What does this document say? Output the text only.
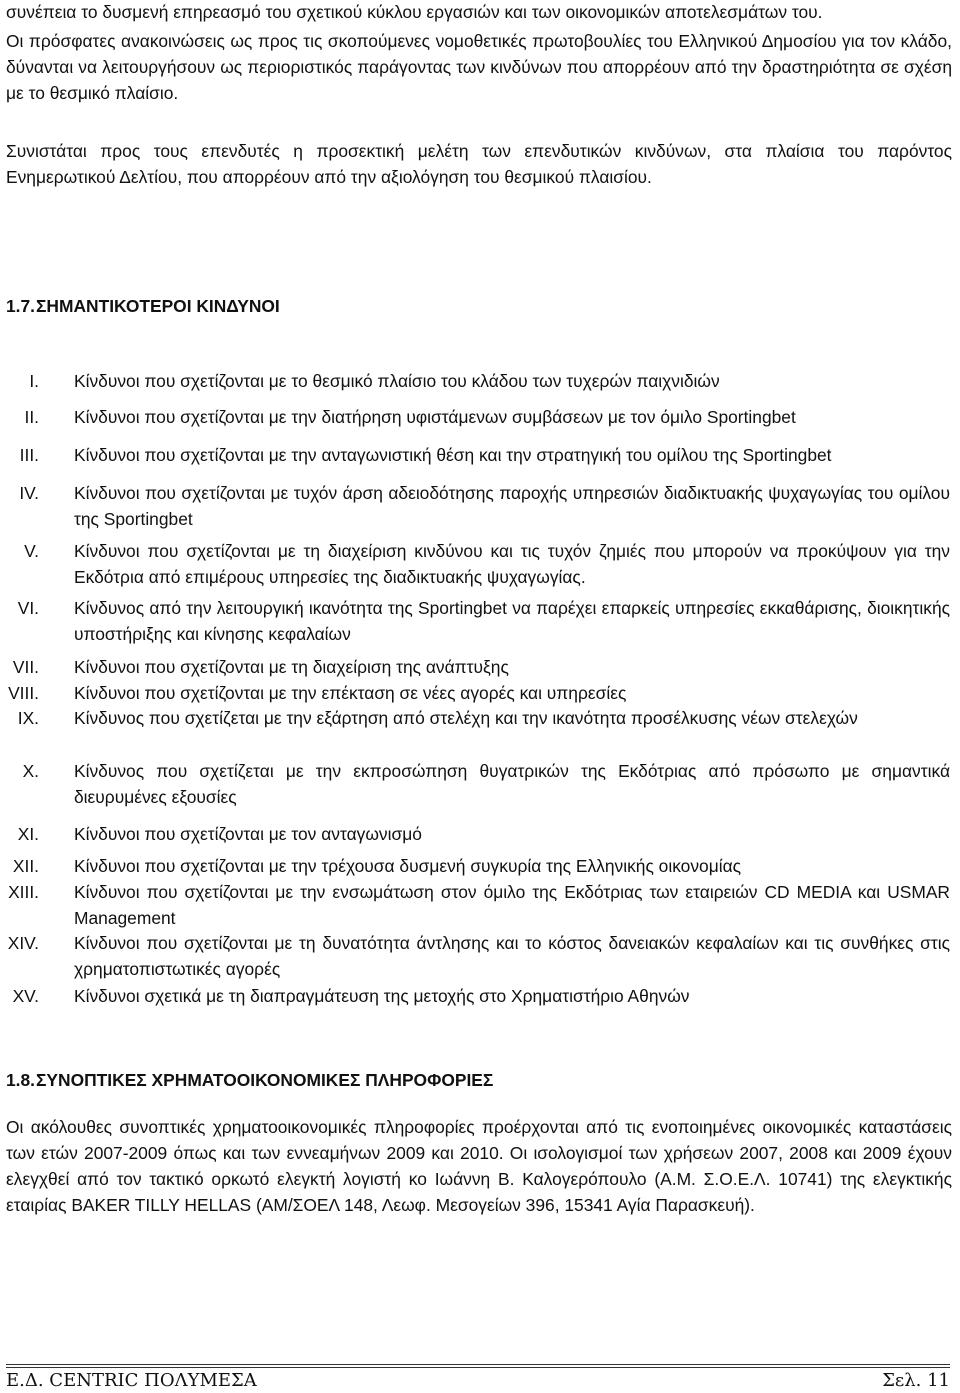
συνέπεια το δυσμενή επηρεασμό του σχετικού κύκλου εργασιών και των οικονομικών αποτελεσμάτων του.

Οι πρόσφατες ανακοινώσεις ως προς τις σκοπούμενες νομοθετικές πρωτοβουλίες του Ελληνικού Δημοσίου για τον κλάδο, δύνανται να λειτουργήσουν ως περιοριστικός παράγοντας των κινδύνων που απορρέουν από την δραστηριότητα σε σχέση με το θεσμικό πλαίσιο.

Συνιστάται προς τους επενδυτές η προσεκτική μελέτη των επενδυτικών κινδύνων, στα πλαίσια του παρόντος Ενημερωτικού Δελτίου, που απορρέουν από την αξιολόγηση του θεσμικού πλαισίου.

1.7.ΣΗΜΑΝΤΙΚΟΤΕΡΟΙ ΚΙΝΔΥΝΟΙ
I. Κίνδυνοι που σχετίζονται με το θεσμικό πλαίσιο του κλάδου των τυχερών παιχνιδιών
II. Κίνδυνοι που σχετίζονται με την διατήρηση υφιστάμενων συμβάσεων με τον όμιλο Sportingbet
III. Κίνδυνοι που σχετίζονται με την ανταγωνιστική θέση και την στρατηγική του ομίλου της Sportingbet
IV. Κίνδυνοι που σχετίζονται με τυχόν άρση αδειοδότησης παροχής υπηρεσιών διαδικτυακής ψυχαγωγίας του ομίλου της Sportingbet
V. Κίνδυνοι που σχετίζονται με τη διαχείριση κινδύνου και τις τυχόν ζημιές που μπορούν να προκύψουν για την Εκδότρια από επιμέρους υπηρεσίες της διαδικτυακής ψυχαγωγίας.
VI. Κίνδυνος από την λειτουργική ικανότητα της Sportingbet να παρέχει επαρκείς υπηρεσίες εκκαθάρισης, διοικητικής υποστήριξης και κίνησης κεφαλαίων
VII. Κίνδυνοι που σχετίζονται με τη διαχείριση της ανάπτυξης
VIII. Κίνδυνοι που σχετίζονται με την επέκταση σε νέες αγορές και υπηρεσίες
IX. Κίνδυνος που σχετίζεται με την εξάρτηση από στελέχη και την ικανότητα προσέλκυσης νέων στελεχών
X. Κίνδυνος που σχετίζεται με την εκπροσώπηση θυγατρικών της Εκδότριας από πρόσωπο με σημαντικά διευρυμένες εξουσίες
XI. Κίνδυνοι που σχετίζονται με τον ανταγωνισμό
XII. Κίνδυνοι που σχετίζονται με την τρέχουσα δυσμενή συγκυρία της Ελληνικής οικονομίας
XIII. Κίνδυνοι που σχετίζονται με την ενσωμάτωση στον όμιλο της Εκδότριας των εταιρειών CD MEDIA και USMAR Management
XIV. Κίνδυνοι που σχετίζονται με τη δυνατότητα άντλησης και το κόστος δανειακών κεφαλαίων και τις συνθήκες στις χρηματοπιστωτικές αγορές
XV. Κίνδυνοι σχετικά με τη διαπραγμάτευση της μετοχής στο Χρηματιστήριο Αθηνών
1.8.ΣΥΝΟΠΤΙΚΕΣ ΧΡΗΜΑΤΟΟΙΚΟΝΟΜΙΚΕΣ ΠΛΗΡΟΦΟΡΙΕΣ

Οι ακόλουθες συνοπτικές χρηματοοικονομικές πληροφορίες προέρχονται από τις ενοποιημένες οικονομικές καταστάσεις των ετών 2007-2009 όπως και των εννεαμήνων 2009 και 2010. Οι ισολογισμοί των χρήσεων 2007, 2008 και 2009 έχουν ελεγχθεί από τον τακτικό ορκωτό ελεγκτή λογιστή κο Ιωάννη Β. Καλογερόπουλο (Α.Μ. Σ.Ο.Ε.Λ. 10741) της ελεγκτικής εταιρίας BAKER TILLY HELLAS (ΑΜ/ΣΟΕΛ 148, Λεωφ. Μεσογείων 396, 15341 Αγία Παρασκευή).

Ε.Δ. CENTRIC ΠΟΛΥΜΕΣΑ	Σελ. 11
